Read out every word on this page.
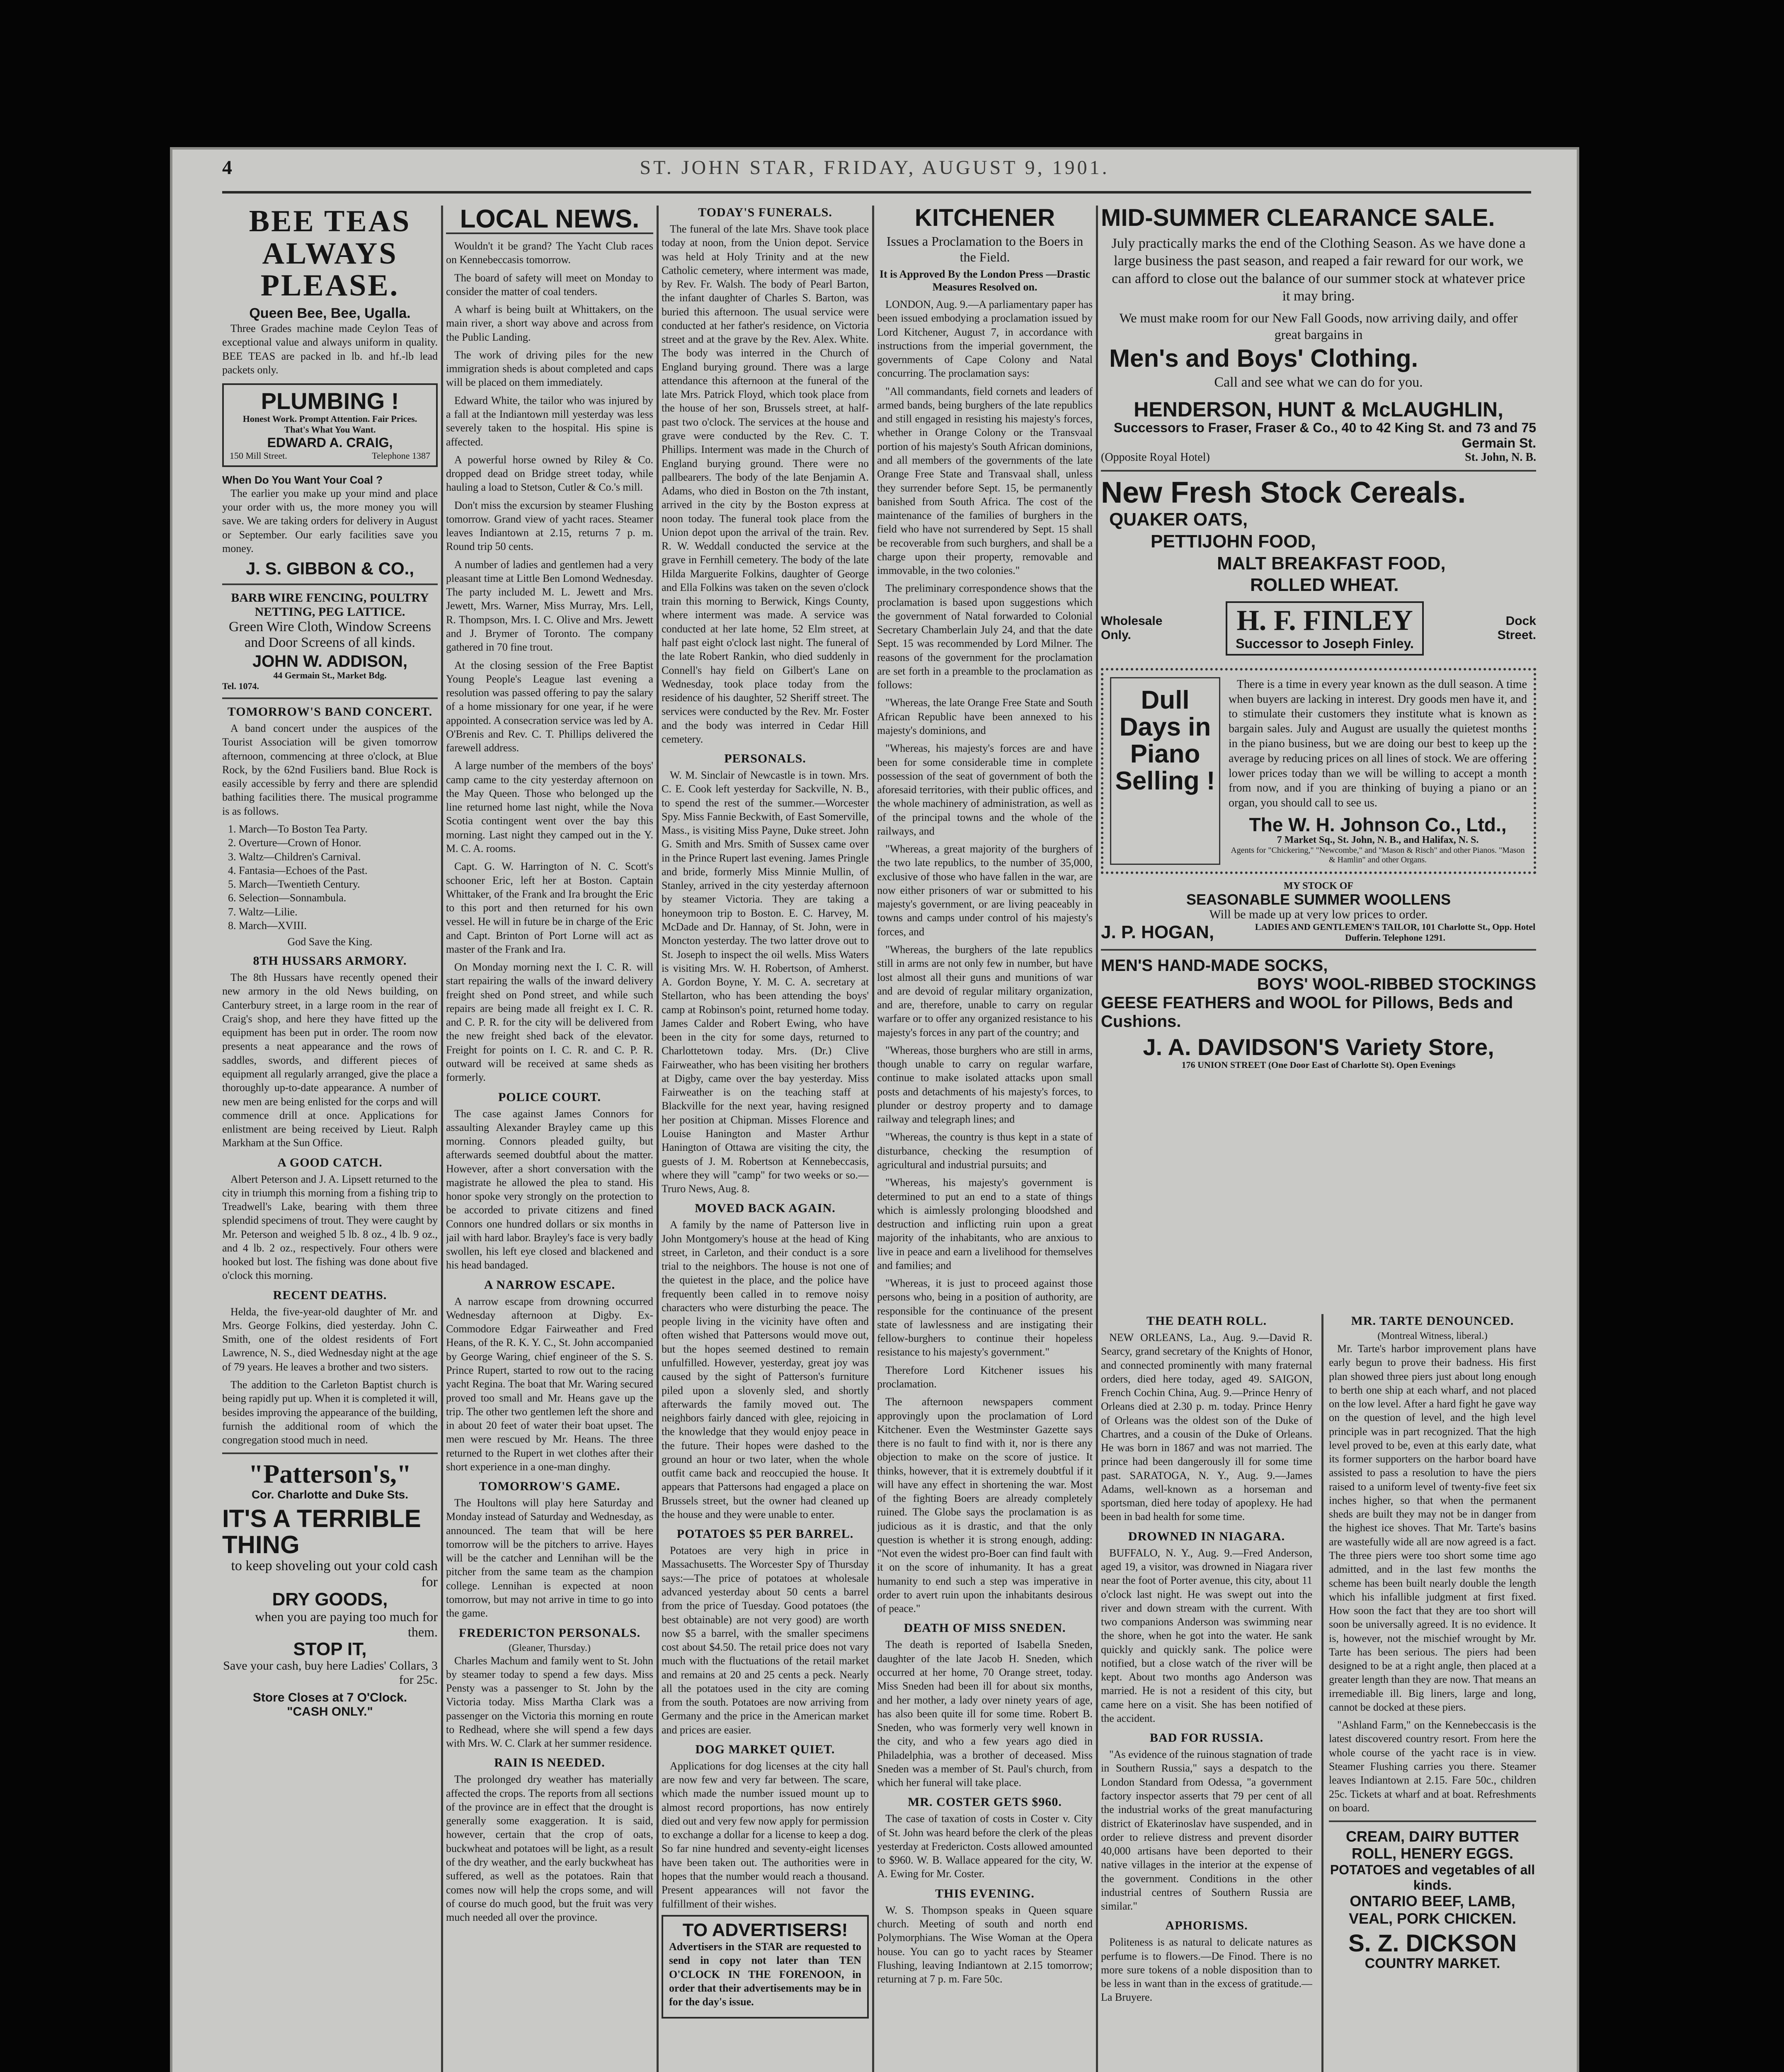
4	ST. JOHN STAR, FRIDAY, AUGUST 9, 1901.
BEE TEAS ALWAYS PLEASE.
Queen Bee, Bee, Ugalla.

Three Grades machine made Ceylon Teas of exceptional value and always uniform in quality. BEE TEAS are packed in lb. and hf.-lb lead packets only.

PLUMBING !
Honest Work. Prompt Attention. Fair Prices. That's What You Want.
EDWARD A. CRAIG,
150 Mill Street.	Telephone 1387
When Do You Want Your Coal ?

The earlier you make up your mind and place your order with us, the more money you will save. We are taking orders for delivery in August or September. Our early facilities save you money.

J. S. GIBBON & CO.,
BARB WIRE FENCING, POULTRY NETTING, PEG LATTICE.
Green Wire Cloth, Window Screens and Door Screens of all kinds.
JOHN W. ADDISON,
44 Germain St., Market Bdg.
Tel. 1074.
TOMORROW'S BAND CONCERT.

A band concert under the auspices of the Tourist Association will be given tomorrow afternoon, commencing at three o'clock, at Blue Rock, by the 62nd Fusiliers band. Blue Rock is easily accessible by ferry and there are splendid bathing facilities there. The musical programme is as follows.

1. March—To Boston Tea Party.
2. Overture—Crown of Honor.
3. Waltz—Children's Carnival.
4. Fantasia—Echoes of the Past.
5. March—Twentieth Century.
6. Selection—Sonnambula.
7. Waltz—Lilie.
8. March—XVIII.
God Save the King.
8TH HUSSARS ARMORY.

The 8th Hussars have recently opened their new armory in the old News building, on Canterbury street, in a large room in the rear of Craig's shop, and here they have fitted up the equipment has been put in order. The room now presents a neat appearance and the rows of saddles, swords, and different pieces of equipment all regularly arranged, give the place a thoroughly up-to-date appearance. A number of new men are being enlisted for the corps and will commence drill at once. Applications for enlistment are being received by Lieut. Ralph Markham at the Sun Office.

A GOOD CATCH.

Albert Peterson and J. A. Lipsett returned to the city in triumph this morning from a fishing trip to Treadwell's Lake, bearing with them three splendid specimens of trout. They were caught by Mr. Peterson and weighed 5 lb. 8 oz., 4 lb. 9 oz., and 4 lb. 2 oz., respectively. Four others were hooked but lost. The fishing was done about five o'clock this morning.

RECENT DEATHS.

Helda, the five-year-old daughter of Mr. and Mrs. George Folkins, died yesterday. John C. Smith, one of the oldest residents of Fort Lawrence, N. S., died Wednesday night at the age of 79 years. He leaves a brother and two sisters.

The addition to the Carleton Baptist church is being rapidly put up. When it is completed it will, besides improving the appearance of the building, furnish the additional room of which the congregation stood much in need.

"Patterson's,"
Cor. Charlotte and Duke Sts.
IT'S A TERRIBLE THING
to keep shoveling out your cold cash for
DRY GOODS,
when you are paying too much for them.
STOP IT,
Save your cash, buy here Ladies' Collars, 3 for 25c.
Store Closes at 7 O'Clock.
"CASH ONLY."
LOCAL NEWS.

Wouldn't it be grand? The Yacht Club races on Kennebeccasis tomorrow.

The board of safety will meet on Monday to consider the matter of coal tenders.

A wharf is being built at Whittakers, on the main river, a short way above and across from the Public Landing.

The work of driving piles for the new immigration sheds is about completed and caps will be placed on them immediately.

Edward White, the tailor who was injured by a fall at the Indiantown mill yesterday was less severely taken to the hospital. His spine is affected.

A powerful horse owned by Riley & Co. dropped dead on Bridge street today, while hauling a load to Stetson, Cutler & Co.'s mill.

Don't miss the excursion by steamer Flushing tomorrow. Grand view of yacht races. Steamer leaves Indiantown at 2.15, returns 7 p. m. Round trip 50 cents.

A number of ladies and gentlemen had a very pleasant time at Little Ben Lomond Wednesday. The party included M. L. Jewett and Mrs. Jewett, Mrs. Warner, Miss Murray, Mrs. Lell, R. Thompson, Mrs. I. C. Olive and Mrs. Jewett and J. Brymer of Toronto. The company gathered in 70 fine trout.

At the closing session of the Free Baptist Young People's League last evening a resolution was passed offering to pay the salary of a home missionary for one year, if he were appointed. A consecration service was led by A. O'Brenis and Rev. C. T. Phillips delivered the farewell address.

A large number of the members of the boys' camp came to the city yesterday afternoon on the May Queen. Those who belonged up the line returned home last night, while the Nova Scotia contingent went over the bay this morning. Last night they camped out in the Y. M. C. A. rooms.

Capt. G. W. Harrington of N. C. Scott's schooner Eric, left her at Boston. Captain Whittaker, of the Frank and Ira brought the Eric to this port and then returned for his own vessel. He will in future be in charge of the Eric and Capt. Brinton of Port Lorne will act as master of the Frank and Ira.

On Monday morning next the I. C. R. will start repairing the walls of the inward delivery freight shed on Pond street, and while such repairs are being made all freight ex I. C. R. and C. P. R. for the city will be delivered from the new freight shed back of the elevator. Freight for points on I. C. R. and C. P. R. outward will be received at same sheds as formerly.

POLICE COURT.

The case against James Connors for assaulting Alexander Brayley came up this morning. Connors pleaded guilty, but afterwards seemed doubtful about the matter. However, after a short conversation with the magistrate he allowed the plea to stand. His honor spoke very strongly on the protection to be accorded to private citizens and fined Connors one hundred dollars or six months in jail with hard labor. Brayley's face is very badly swollen, his left eye closed and blackened and his head bandaged.

A NARROW ESCAPE.

A narrow escape from drowning occurred Wednesday afternoon at Digby. Ex-Commodore Edgar Fairweather and Fred Heans, of the R. K. Y. C., St. John accompanied by George Waring, chief engineer of the S. S. Prince Rupert, started to row out to the racing yacht Regina. The boat that Mr. Waring secured proved too small and Mr. Heans gave up the trip. The other two gentlemen left the shore and in about 20 feet of water their boat upset. The men were rescued by Mr. Heans. The three returned to the Rupert in wet clothes after their short experience in a one-man dinghy.

TOMORROW'S GAME.

The Houltons will play here Saturday and Monday instead of Saturday and Wednesday, as announced. The team that will be here tomorrow will be the pitchers to arrive. Hayes will be the catcher and Lennihan will be the pitcher from the same team as the champion college. Lennihan is expected at noon tomorrow, but may not arrive in time to go into the game.

FREDERICTON PERSONALS.
(Gleaner, Thursday.)

Charles Machum and family went to St. John by steamer today to spend a few days. Miss Pensty was a passenger to St. John by the Victoria today. Miss Martha Clark was a passenger on the Victoria this morning en route to Redhead, where she will spend a few days with Mrs. W. C. Clark at her summer residence.

RAIN IS NEEDED.

The prolonged dry weather has materially affected the crops. The reports from all sections of the province are in effect that the drought is generally some exaggeration. It is said, however, certain that the crop of oats, buckwheat and potatoes will be light, as a result of the dry weather, and the early buckwheat has suffered, as well as the potatoes. Rain that comes now will help the crops some, and will of course do much good, but the fruit was very much needed all over the province.

TODAY'S FUNERALS.

The funeral of the late Mrs. Shave took place today at noon, from the Union depot. Service was held at Holy Trinity and at the new Catholic cemetery, where interment was made, by Rev. Fr. Walsh. The body of Pearl Barton, the infant daughter of Charles S. Barton, was buried this afternoon. The usual service were conducted at her father's residence, on Victoria street and at the grave by the Rev. Alex. White. The body was interred in the Church of England burying ground. There was a large attendance this afternoon at the funeral of the late Mrs. Patrick Floyd, which took place from the house of her son, Brussels street, at half-past two o'clock. The services at the house and grave were conducted by the Rev. C. T. Phillips. Interment was made in the Church of England burying ground. There were no pallbearers. The body of the late Benjamin A. Adams, who died in Boston on the 7th instant, arrived in the city by the Boston express at noon today. The funeral took place from the Union depot upon the arrival of the train. Rev. R. W. Weddall conducted the service at the grave in Fernhill cemetery. The body of the late Hilda Marguerite Folkins, daughter of George and Ella Folkins was taken on the seven o'clock train this morning to Berwick, Kings County, where interment was made. A service was conducted at her late home, 52 Elm street, at half past eight o'clock last night. The funeral of the late Robert Rankin, who died suddenly in Connell's hay field on Gilbert's Lane on Wednesday, took place today from the residence of his daughter, 52 Sheriff street. The services were conducted by the Rev. Mr. Foster and the body was interred in Cedar Hill cemetery.

PERSONALS.

W. M. Sinclair of Newcastle is in town. Mrs. C. E. Cook left yesterday for Sackville, N. B., to spend the rest of the summer.—Worcester Spy. Miss Fannie Beckwith, of East Somerville, Mass., is visiting Miss Payne, Duke street. John G. Smith and Mrs. Smith of Sussex came over in the Prince Rupert last evening. James Pringle and bride, formerly Miss Minnie Mullin, of Stanley, arrived in the city yesterday afternoon by steamer Victoria. They are taking a honeymoon trip to Boston. E. C. Harvey, M. McDade and Dr. Hannay, of St. John, were in Moncton yesterday. The two latter drove out to St. Joseph to inspect the oil wells. Miss Waters is visiting Mrs. W. H. Robertson, of Amherst. A. Gordon Boyne, Y. M. C. A. secretary at Stellarton, who has been attending the boys' camp at Robinson's point, returned home today. James Calder and Robert Ewing, who have been in the city for some days, returned to Charlottetown today. Mrs. (Dr.) Clive Fairweather, who has been visiting her brothers at Digby, came over the bay yesterday. Miss Fairweather is on the teaching staff at Blackville for the next year, having resigned her position at Chipman. Misses Florence and Louise Hanington and Master Arthur Hanington of Ottawa are visiting the city, the guests of J. M. Robertson at Kennebeccasis, where they will "camp" for two weeks or so.—Truro News, Aug. 8.

MOVED BACK AGAIN.

A family by the name of Patterson live in John Montgomery's house at the head of King street, in Carleton, and their conduct is a sore trial to the neighbors. The house is not one of the quietest in the place, and the police have frequently been called in to remove noisy characters who were disturbing the peace. The people living in the vicinity have often and often wished that Pattersons would move out, but the hopes seemed destined to remain unfulfilled. However, yesterday, great joy was caused by the sight of Patterson's furniture piled upon a slovenly sled, and shortly afterwards the family moved out. The neighbors fairly danced with glee, rejoicing in the knowledge that they would enjoy peace in the future. Their hopes were dashed to the ground an hour or two later, when the whole outfit came back and reoccupied the house. It appears that Pattersons had engaged a place on Brussels street, but the owner had cleaned up the house and they were unable to enter.

POTATOES $5 PER BARREL.

Potatoes are very high in price in Massachusetts. The Worcester Spy of Thursday says:—The price of potatoes at wholesale advanced yesterday about 50 cents a barrel from the price of Tuesday. Good potatoes (the best obtainable) are not very good) are worth now $5 a barrel, with the smaller specimens cost about $4.50. The retail price does not vary much with the fluctuations of the retail market and remains at 20 and 25 cents a peck. Nearly all the potatoes used in the city are coming from the south. Potatoes are now arriving from Germany and the price in the American market and prices are easier.

DOG MARKET QUIET.

Applications for dog licenses at the city hall are now few and very far between. The scare, which made the number issued mount up to almost record proportions, has now entirely died out and very few now apply for permission to exchange a dollar for a license to keep a dog. So far nine hundred and seventy-eight licenses have been taken out. The authorities were in hopes that the number would reach a thousand. Present appearances will not favor the fulfillment of their wishes.

TO ADVERTISERS!

Advertisers in the STAR are requested to send in copy not later than TEN O'CLOCK IN THE FORENOON, in order that their advertisements may be in for the day's issue.

KITCHENER
Issues a Proclamation to the Boers in the Field.
It is Approved By the London Press —Drastic Measures Resolved on.

LONDON, Aug. 9.—A parliamentary paper has been issued embodying a proclamation issued by Lord Kitchener, August 7, in accordance with instructions from the imperial government, the governments of Cape Colony and Natal concurring. The proclamation says:

"All commandants, field cornets and leaders of armed bands, being burghers of the late republics and still engaged in resisting his majesty's forces, whether in Orange Colony or the Transvaal portion of his majesty's South African dominions, and all members of the governments of the late Orange Free State and Transvaal shall, unless they surrender before Sept. 15, be permanently banished from South Africa. The cost of the maintenance of the families of burghers in the field who have not surrendered by Sept. 15 shall be recoverable from such burghers, and shall be a charge upon their property, removable and immovable, in the two colonies."

The preliminary correspondence shows that the proclamation is based upon suggestions which the government of Natal forwarded to Colonial Secretary Chamberlain July 24, and that the date Sept. 15 was recommended by Lord Milner. The reasons of the government for the proclamation are set forth in a preamble to the proclamation as follows:

"Whereas, the late Orange Free State and South African Republic have been annexed to his majesty's dominions, and

"Whereas, his majesty's forces are and have been for some considerable time in complete possession of the seat of government of both the aforesaid territories, with their public offices, and the whole machinery of administration, as well as of the principal towns and the whole of the railways, and

"Whereas, a great majority of the burghers of the two late republics, to the number of 35,000, exclusive of those who have fallen in the war, are now either prisoners of war or submitted to his majesty's government, or are living peaceably in towns and camps under control of his majesty's forces, and

"Whereas, the burghers of the late republics still in arms are not only few in number, but have lost almost all their guns and munitions of war and are devoid of regular military organization, and are, therefore, unable to carry on regular warfare or to offer any organized resistance to his majesty's forces in any part of the country; and

"Whereas, those burghers who are still in arms, though unable to carry on regular warfare, continue to make isolated attacks upon small posts and detachments of his majesty's forces, to plunder or destroy property and to damage railway and telegraph lines; and

"Whereas, the country is thus kept in a state of disturbance, checking the resumption of agricultural and industrial pursuits; and

"Whereas, his majesty's government is determined to put an end to a state of things which is aimlessly prolonging bloodshed and destruction and inflicting ruin upon a great majority of the inhabitants, who are anxious to live in peace and earn a livelihood for themselves and families; and

"Whereas, it is just to proceed against those persons who, being in a position of authority, are responsible for the continuance of the present state of lawlessness and are instigating their fellow-burghers to continue their hopeless resistance to his majesty's government."

Therefore Lord Kitchener issues his proclamation.

The afternoon newspapers comment approvingly upon the proclamation of Lord Kitchener. Even the Westminster Gazette says there is no fault to find with it, nor is there any objection to make on the score of justice. It thinks, however, that it is extremely doubtful if it will have any effect in shortening the war. Most of the fighting Boers are already completely ruined. The Globe says the proclamation is as judicious as it is drastic, and that the only question is whether it is strong enough, adding: "Not even the widest pro-Boer can find fault with it on the score of inhumanity. It has a great humanity to end such a step was imperative in order to avert ruin upon the inhabitants desirous of peace."

DEATH OF MISS SNEDEN.

The death is reported of Isabella Sneden, daughter of the late Jacob H. Sneden, which occurred at her home, 70 Orange street, today. Miss Sneden had been ill for about six months, and her mother, a lady over ninety years of age, has also been quite ill for some time. Robert B. Sneden, who was formerly very well known in the city, and who a few years ago died in Philadelphia, was a brother of deceased. Miss Sneden was a member of St. Paul's church, from which her funeral will take place.

MR. COSTER GETS $960.

The case of taxation of costs in Coster v. City of St. John was heard before the clerk of the pleas yesterday at Fredericton. Costs allowed amounted to $960. W. B. Wallace appeared for the city, W. A. Ewing for Mr. Coster.

THIS EVENING.

W. S. Thompson speaks in Queen square church. Meeting of south and north end Polymorphians. The Wise Woman at the Opera house. You can go to yacht races by Steamer Flushing, leaving Indiantown at 2.15 tomorrow; returning at 7 p. m. Fare 50c.

MID-SUMMER CLEARANCE SALE.
July practically marks the end of the Clothing Season. As we have done a large business the past season, and reaped a fair reward for our work, we can afford to close out the balance of our summer stock at whatever price it may bring.
We must make room for our New Fall Goods, now arriving daily, and offer great bargains in
Men's and Boys' Clothing.
Call and see what we can do for you.
HENDERSON, HUNT & McLAUGHLIN,
Successors to Fraser, Fraser & Co., 40 to 42 King St. and 73 and 75 Germain St.
(Opposite Royal Hotel)	St. John, N. B.
New Fresh Stock Cereals.
QUAKER OATS,
PETTIJOHN FOOD,
MALT BREAKFAST FOOD,
ROLLED WHEAT.
Wholesale Only.	H. F. FINLEY
Successor to Joseph Finley.
Dock Street.
Dull Days in Piano Selling !

There is a time in every year known as the dull season. A time when buyers are lacking in interest. Dry goods men have it, and to stimulate their customers they institute what is known as bargain sales. July and August are usually the quietest months in the piano business, but we are doing our best to keep up the average by reducing prices on all lines of stock. We are offering lower prices today than we will be willing to accept a month from now, and if you are thinking of buying a piano or an organ, you should call to see us.

The W. H. Johnson Co., Ltd.,
7 Market Sq., St. John, N. B., and Halifax, N. S.
Agents for "Chickering," "Newcombe," and "Mason & Risch" and other Pianos. "Mason & Hamlin" and other Organs.
MY STOCK OF
SEASONABLE SUMMER WOOLLENS
Will be made up at very low prices to order.
J. P. HOGAN,	LADIES AND GENTLEMEN'S TAILOR, 101 Charlotte St., Opp. Hotel Dufferin. Telephone 1291.
MEN'S HAND-MADE SOCKS,
BOYS' WOOL-RIBBED STOCKINGS
GEESE FEATHERS and WOOL for Pillows, Beds and Cushions.
J. A. DAVIDSON'S Variety Store,
176 UNION STREET (One Door East of Charlotte St). Open Evenings
THE DEATH ROLL.

NEW ORLEANS, La., Aug. 9.—David R. Searcy, grand secretary of the Knights of Honor, and connected prominently with many fraternal orders, died here today, aged 49. SAIGON, French Cochin China, Aug. 9.—Prince Henry of Orleans died at 2.30 p. m. today. Prince Henry of Orleans was the oldest son of the Duke of Chartres, and a cousin of the Duke of Orleans. He was born in 1867 and was not married. The prince had been dangerously ill for some time past. SARATOGA, N. Y., Aug. 9.—James Adams, well-known as a horseman and sportsman, died here today of apoplexy. He had been in bad health for some time.

DROWNED IN NIAGARA.

BUFFALO, N. Y., Aug. 9.—Fred Anderson, aged 19, a visitor, was drowned in Niagara river near the foot of Porter avenue, this city, about 11 o'clock last night. He was swept out into the river and down stream with the current. With two companions Anderson was swimming near the shore, when he got into the water. He sank quickly and quickly sank. The police were notified, but a close watch of the river will be kept. About two months ago Anderson was married. He is not a resident of this city, but came here on a visit. She has been notified of the accident.

BAD FOR RUSSIA.

"As evidence of the ruinous stagnation of trade in Southern Russia," says a despatch to the London Standard from Odessa, "a government factory inspector asserts that 79 per cent of all the industrial works of the great manufacturing district of Ekaterinoslav have suspended, and in order to relieve distress and prevent disorder 40,000 artisans have been deported to their native villages in the interior at the expense of the government. Conditions in the other industrial centres of Southern Russia are similar."

APHORISMS.

Politeness is as natural to delicate natures as perfume is to flowers.—De Finod. There is no more sure tokens of a noble disposition than to be less in want than in the excess of gratitude.—La Bruyere.

MR. TARTE DENOUNCED.
(Montreal Witness, liberal.)

Mr. Tarte's harbor improvement plans have early begun to prove their badness. His first plan showed three piers just about long enough to berth one ship at each wharf, and not placed on the low level. After a hard fight he gave way on the question of level, and the high level principle was in part recognized. That the high level proved to be, even at this early date, what its former supporters on the harbor board have assisted to pass a resolution to have the piers raised to a uniform level of twenty-five feet six inches higher, so that when the permanent sheds are built they may not be in danger from the highest ice shoves. That Mr. Tarte's basins are wastefully wide all are now agreed is a fact. The three piers were too short some time ago admitted, and in the last few months the scheme has been built nearly double the length which his infallible judgment at first fixed. How soon the fact that they are too short will soon be universally agreed. It is no evidence. It is, however, not the mischief wrought by Mr. Tarte has been serious. The piers had been designed to be at a right angle, then placed at a greater length than they are now. That means an irremediable ill. Big liners, large and long, cannot be docked at these piers.

"Ashland Farm," on the Kennebeccasis is the latest discovered country resort. From here the whole course of the yacht race is in view. Steamer Flushing carries you there. Steamer leaves Indiantown at 2.15. Fare 50c., children 25c. Tickets at wharf and at boat. Refreshments on board.

CREAM, DAIRY BUTTER ROLL, HENERY EGGS.
POTATOES and vegetables of all kinds.
ONTARIO BEEF, LAMB, VEAL, PORK CHICKEN.
S. Z. DICKSON
COUNTRY MARKET.
